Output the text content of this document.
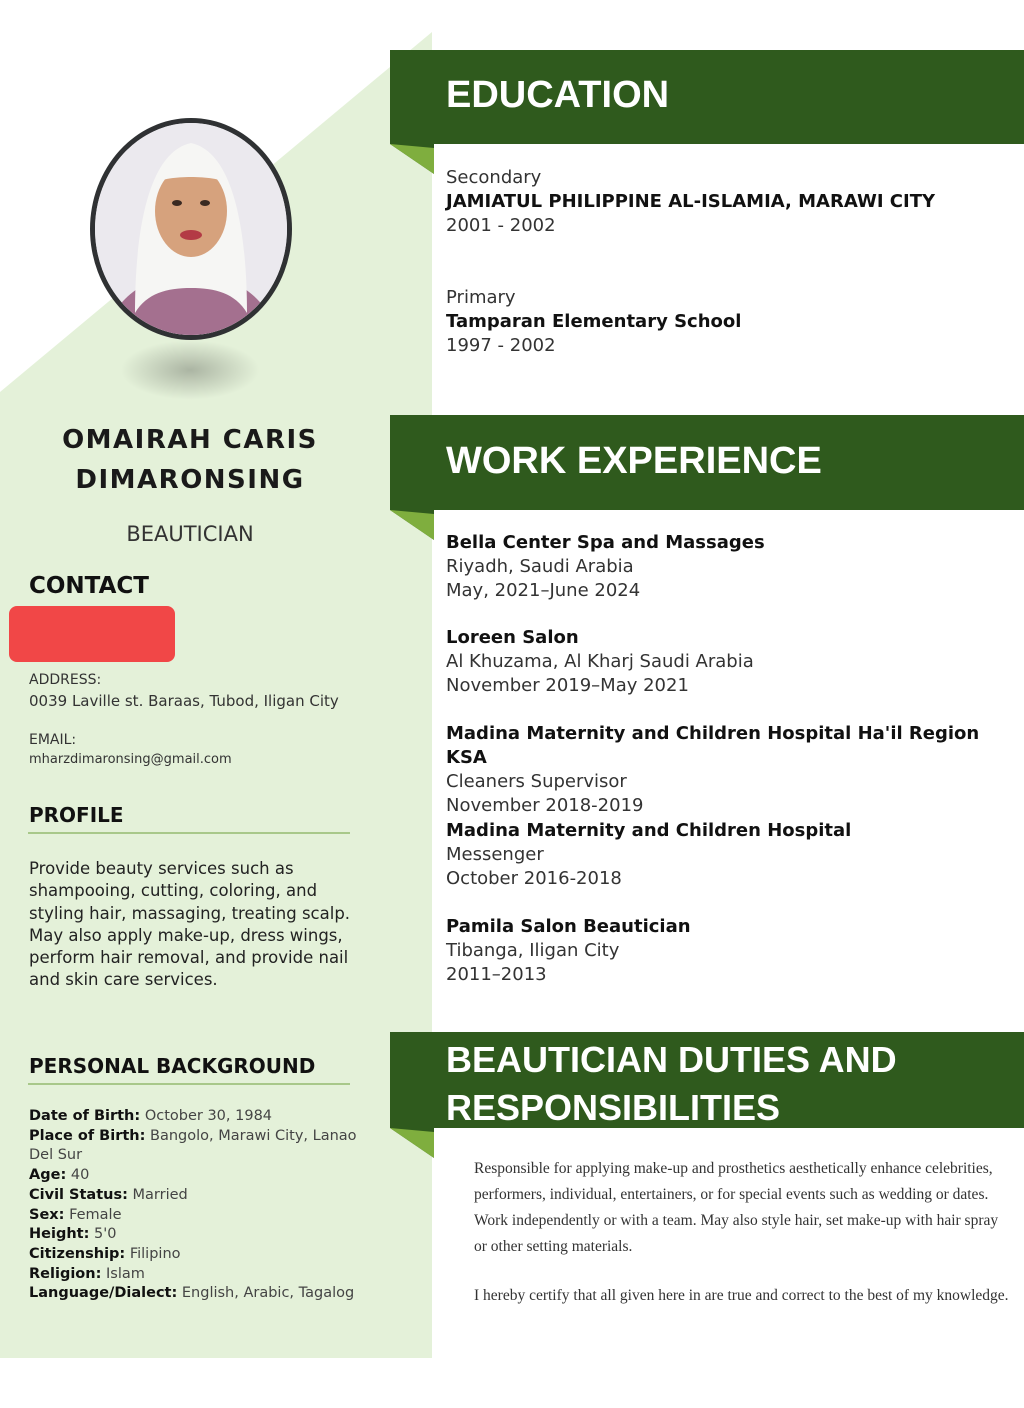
OMAIRAH CARIS
DIMARONSING
BEAUTICIAN
CONTACT
ADDRESS:
0039 Laville st. Baraas, Tubod, Iligan City
EMAIL:
mharzdimaronsing@gmail.com
PROFILE
Provide beauty services such as shampooing, cutting, coloring, and styling hair, massaging, treating scalp. May also apply make-up, dress wings, perform hair removal, and provide nail and skin care services.
PERSONAL BACKGROUND
Date of Birth: October 30, 1984
Place of Birth: Bangolo, Marawi City, Lanao Del Sur
Age: 40
Civil Status: Married
Sex: Female
Height: 5'0
Citizenship: Filipino
Religion: Islam
Language/Dialect: English, Arabic, Tagalog
EDUCATION
Secondary
JAMIATUL PHILIPPINE AL-ISLAMIA, MARAWI CITY
2001 - 2002
Primary
Tamparan Elementary School
1997 - 2002
WORK EXPERIENCE
Bella Center Spa and Massages
Riyadh, Saudi Arabia
May, 2021–June 2024
Loreen Salon
Al Khuzama, Al Kharj Saudi Arabia
November 2019–May 2021
Madina Maternity and Children Hospital Ha'il Region KSA
Cleaners Supervisor
November 2018-2019
Madina Maternity and Children Hospital
Messenger
October 2016-2018
Pamila Salon Beautician
Tibanga, Iligan City
2011–2013
BEAUTICIAN DUTIES AND
RESPONSIBILITIES
Responsible for applying make-up and prosthetics aesthetically enhance celebrities, performers, individual, entertainers, or for special events such as wedding or dates. Work independently or with a team. May also style hair, set make-up with hair spray or other setting materials.
I hereby certify that all given here in are true and correct to the best of my knowledge.
